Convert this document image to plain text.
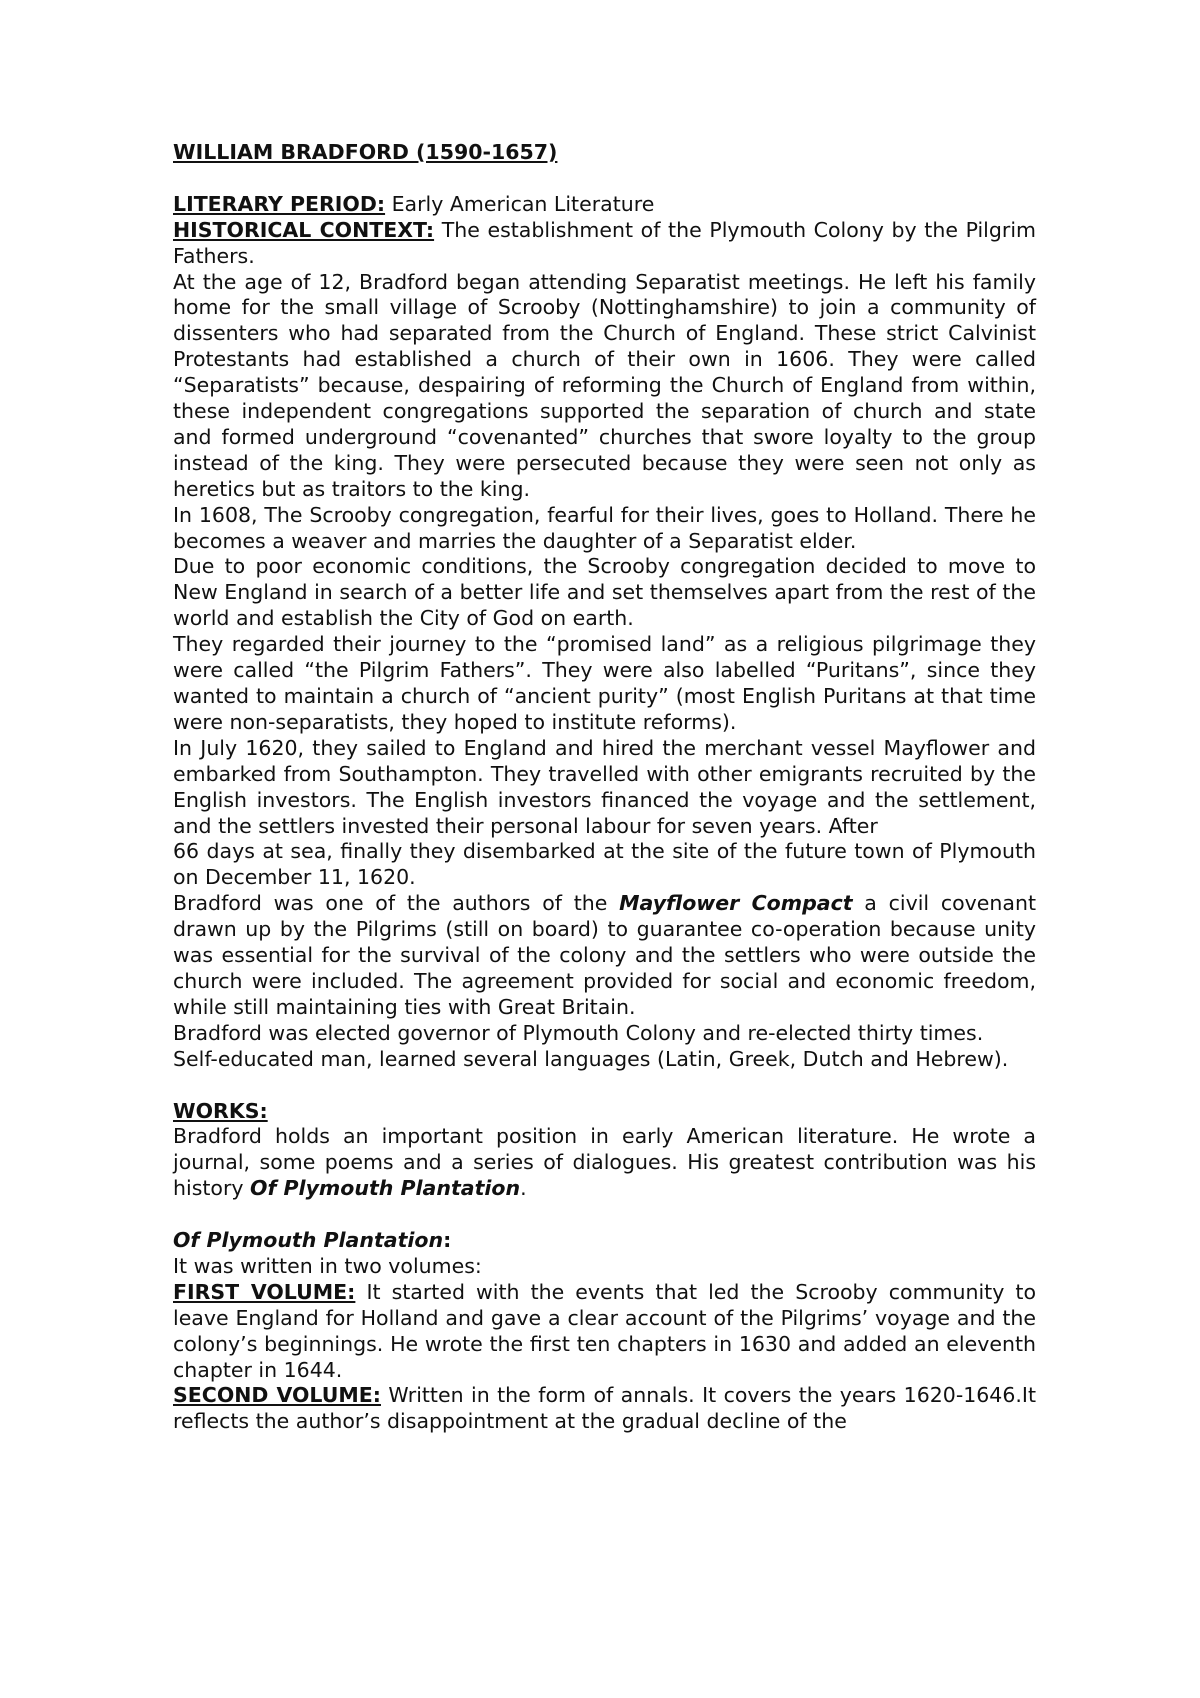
WILLIAM BRADFORD (1590-1657)

LITERARY PERIOD: Early American Literature

HISTORICAL CONTEXT: The establishment of the Plymouth Colony by the Pilgrim Fathers.

At the age of 12, Bradford began attending Separatist meetings. He left his family home for the small village of Scrooby (Nottinghamshire) to join a community of dissenters who had separated from the Church of England. These strict Calvinist Protestants had established a church of their own in 1606. They were called “Separatists” because, despairing of reforming the Church of England from within, these independent congregations supported the separation of church and state and formed underground “covenanted” churches that swore loyalty to the group instead of the king. They were persecuted because they were seen not only as heretics but as traitors to the king.

In 1608, The Scrooby congregation, fearful for their lives, goes to Holland. There he becomes a weaver and marries the daughter of a Separatist elder.

Due to poor economic conditions, the Scrooby congregation decided to move to New England in search of a better life and set themselves apart from the rest of the world and establish the City of God on earth.

They regarded their journey to the “promised land” as a religious pilgrimage they were called “the Pilgrim Fathers”. They were also labelled “Puritans”, since they wanted to maintain a church of “ancient purity” (most English Puritans at that time were non-separatists, they hoped to institute reforms).

In July 1620, they sailed to England and hired the merchant vessel Mayflower and embarked from Southampton. They travelled with other emigrants recruited by the English investors. The English investors financed the voyage and the settlement, and the settlers invested their personal labour for seven years. After

66 days at sea, finally they disembarked at the site of the future town of Plymouth on December 11, 1620.

Bradford was one of the authors of the Mayflower Compact a civil covenant drawn up by the Pilgrims (still on board) to guarantee co-operation because unity was essential for the survival of the colony and the settlers who were outside the church were included. The agreement provided for social and economic freedom, while still maintaining ties with Great Britain.

Bradford was elected governor of Plymouth Colony and re-elected thirty times.

Self-educated man, learned several languages (Latin, Greek, Dutch and Hebrew).

WORKS:

Bradford holds an important position in early American literature. He wrote a journal, some poems and a series of dialogues. His greatest contribution was his history Of Plymouth Plantation.

Of Plymouth Plantation:

It was written in two volumes:

FIRST VOLUME: It started with the events that led the Scrooby community to leave England for Holland and gave a clear account of the Pilgrims’ voyage and the colony’s beginnings. He wrote the first ten chapters in 1630 and added an eleventh chapter in 1644.

SECOND VOLUME: Written in the form of annals. It covers the years 1620-1646.It reflects the author’s disappointment at the gradual decline of the
